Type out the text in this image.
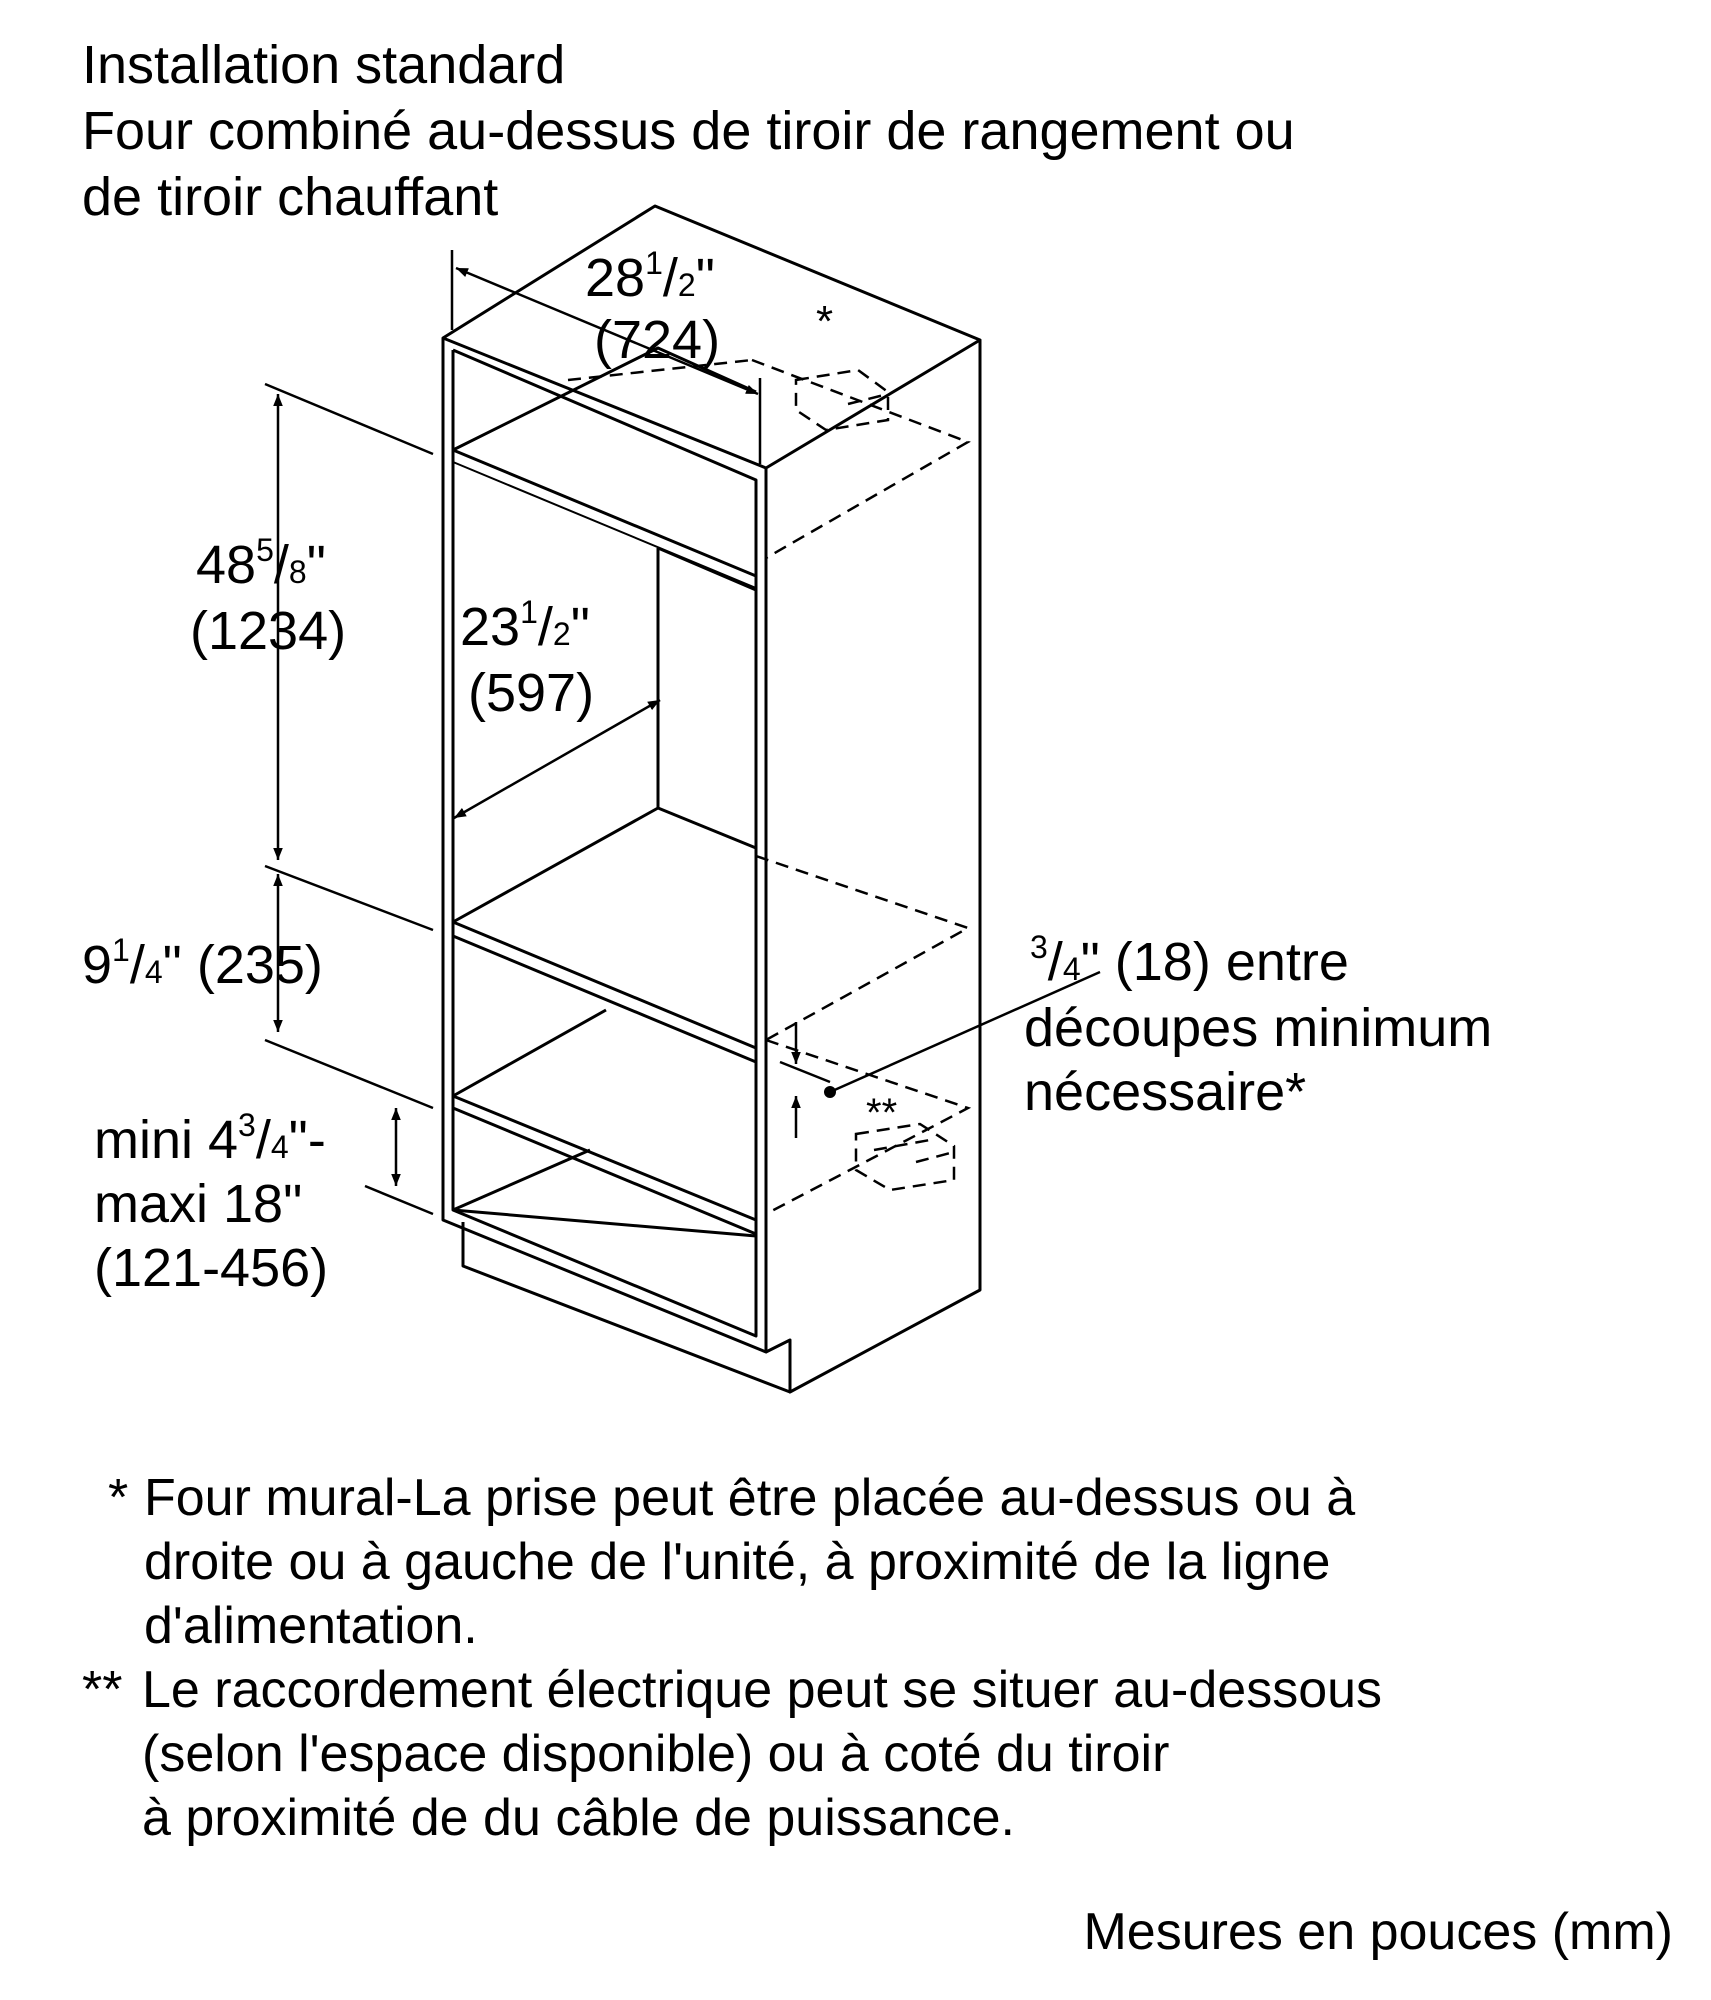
Installation standard
Four combiné au-dessus de tiroir de rangement ou
de tiroir chauffant
$28^1/2$"
(724)
$48^5/8$"
(1234) $23^1/2$"
(597)
$9^1/4$" (235)
mini $4^3/4"-$
maxi 18"
(121-456)
$^3$/4" (18) entre
découpes minimum
nécessaire*
*
**
* Four mural-La prise peut être placée au-dessus ou à
droite ou à gauche de l'unité, à proximité de la ligne
d'alimentation.
** Le raccordement électrique peut se situer au-dessous
(selon l'espace disponible) ou à coté du tiroir
à proximité de du câble de puissance.
Mesures en pouces (mm)
